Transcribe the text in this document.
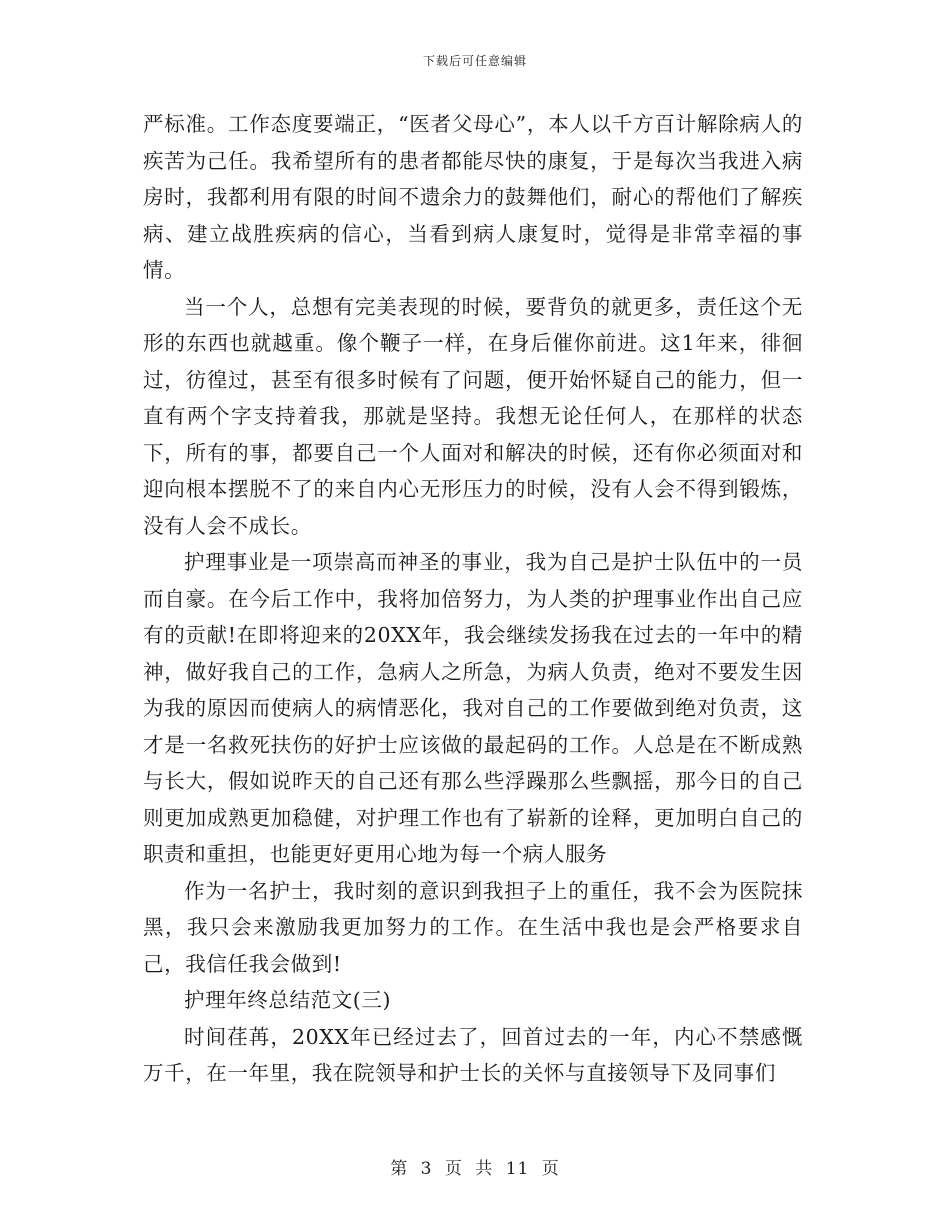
下载后可任意编辑

严标准。工作态度要端正，“医者父母心”，本人以千方百计解除病人的疾苦为己任。我希望所有的患者都能尽快的康复，于是每次当我进入病房时，我都利用有限的时间不遗余力的鼓舞他们，耐心的帮他们了解疾病、建立战胜疾病的信心，当看到病人康复时，觉得是非常幸福的事情。

当一个人，总想有完美表现的时候，要背负的就更多，责任这个无形的东西也就越重。像个鞭子一样，在身后催你前进。这1年来，徘徊过，彷徨过，甚至有很多时候有了问题，便开始怀疑自己的能力，但一直有两个字支持着我，那就是坚持。我想无论任何人，在那样的状态下，所有的事，都要自己一个人面对和解决的时候，还有你必须面对和迎向根本摆脱不了的来自内心无形压力的时候，没有人会不得到锻炼，没有人会不成长。

护理事业是一项崇高而神圣的事业，我为自己是护士队伍中的一员而自豪。在今后工作中，我将加倍努力，为人类的护理事业作出自己应有的贡献!在即将迎来的20XX年，我会继续发扬我在过去的一年中的精神，做好我自己的工作，急病人之所急，为病人负责，绝对不要发生因为我的原因而使病人的病情恶化，我对自己的工作要做到绝对负责，这才是一名救死扶伤的好护士应该做的最起码的工作。人总是在不断成熟与长大，假如说昨天的自己还有那么些浮躁那么些飘摇，那今日的自己则更加成熟更加稳健，对护理工作也有了崭新的诠释，更加明白自己的职责和重担，也能更好更用心地为每一个病人服务

作为一名护士，我时刻的意识到我担子上的重任，我不会为医院抹黑，我只会来激励我更加努力的工作。在生活中我也是会严格要求自己，我信任我会做到!

护理年终总结范文(三)

时间荏苒，20XX年已经过去了，回首过去的一年，内心不禁感慨万千，在一年里，我在院领导和护士长的关怀与直接领导下及同事们

第 3 页 共 11 页
